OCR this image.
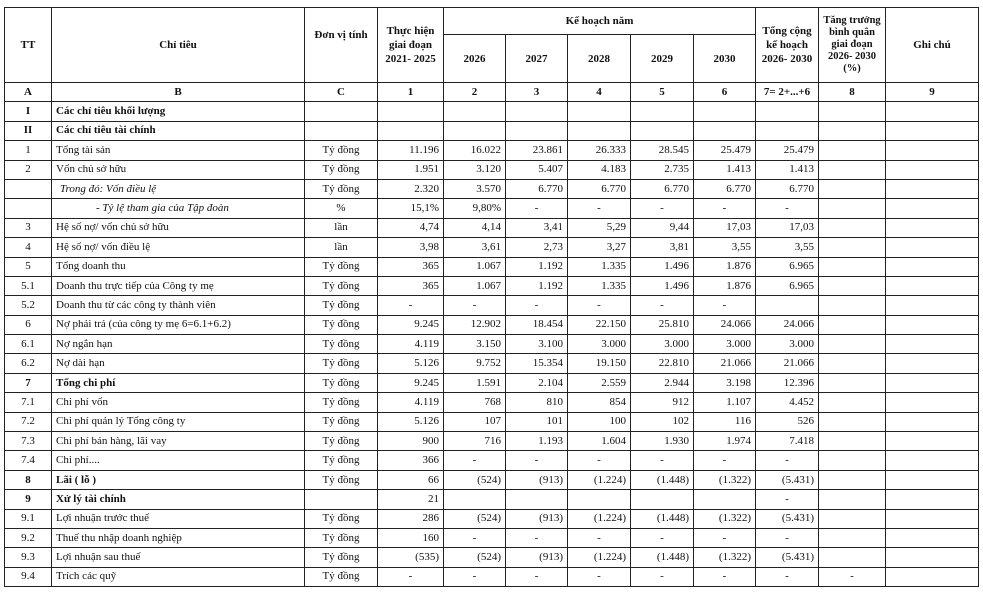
TT	Chỉ tiêu	Đơn vị tính	Thực hiện giai đoạn 2021- 2025	Kế hoạch năm					Tổng cộng kế hoạch 2026- 2030	Tăng trưởng bình quân giai đoạn 2026- 2030 (%)	Ghi chú
				2026	2027	2028	2029	2030			
A	B	C	1	2	3	4	5	6	7= 2+...+6	8	9
I	Các chỉ tiêu khối lượng										
II	Các chỉ tiêu tài chính										
1	Tổng tài sản	Tỷ đồng	11.196	16.022	23.861	26.333	28.545	25.479	25.479		
2	Vốn chủ sở hữu	Tỷ đồng	1.951	3.120	5.407	4.183	2.735	1.413	1.413		
	Trong đó: Vốn điều lệ	Tỷ đồng	2.320	3.570	6.770	6.770	6.770	6.770	6.770		
	- Tỷ lệ tham gia của Tập đoàn	%	15,1%	9,80%	-	-	-	-	-		
3	Hệ số nợ/ vốn chủ sở hữu	lần	4,74	4,14	3,41	5,29	9,44	17,03	17,03		
4	Hệ số nợ/ vốn điều lệ	lần	3,98	3,61	2,73	3,27	3,81	3,55	3,55		
5	Tổng doanh thu	Tỷ đồng	365	1.067	1.192	1.335	1.496	1.876	6.965		
5.1	Doanh thu trực tiếp của Công ty mẹ	Tỷ đồng	365	1.067	1.192	1.335	1.496	1.876	6.965		
5.2	Doanh thu từ các công ty thành viên	Tỷ đồng	-	-	-	-	-	-			
6	Nợ phải trả (của công ty mẹ 6=6.1+6.2)	Tỷ đồng	9.245	12.902	18.454	22.150	25.810	24.066	24.066		
6.1	Nợ ngắn hạn	Tỷ đồng	4.119	3.150	3.100	3.000	3.000	3.000	3.000		
6.2	Nợ dài hạn	Tỷ đồng	5.126	9.752	15.354	19.150	22.810	21.066	21.066		
7	Tổng chi phí	Tỷ đồng	9.245	1.591	2.104	2.559	2.944	3.198	12.396		
7.1	Chi phí vốn	Tỷ đồng	4.119	768	810	854	912	1.107	4.452		
7.2	Chi phí quản lý Tổng công ty	Tỷ đồng	5.126	107	101	100	102	116	526		
7.3	Chi phí bán hàng, lãi vay	Tỷ đồng	900	716	1.193	1.604	1.930	1.974	7.418		
7.4	Chi phí....	Tỷ đồng	366	-	-	-	-	-	-		
8	Lãi ( lỗ )	Tỷ đồng	66	(524)	(913)	(1.224)	(1.448)	(1.322)	(5.431)		
9	Xử lý tài chính		21						-		
9.1	Lợi nhuận trước thuế	Tỷ đồng	286	(524)	(913)	(1.224)	(1.448)	(1.322)	(5.431)		
9.2	Thuế thu nhập doanh nghiệp	Tỷ đồng	160	-	-	-	-	-	-		
9.3	Lợi nhuận sau thuế	Tỷ đồng	(535)	(524)	(913)	(1.224)	(1.448)	(1.322)	(5.431)		
9.4	Trích các quỹ	Tỷ đồng	-	-	-	-	-	-	-	-	
